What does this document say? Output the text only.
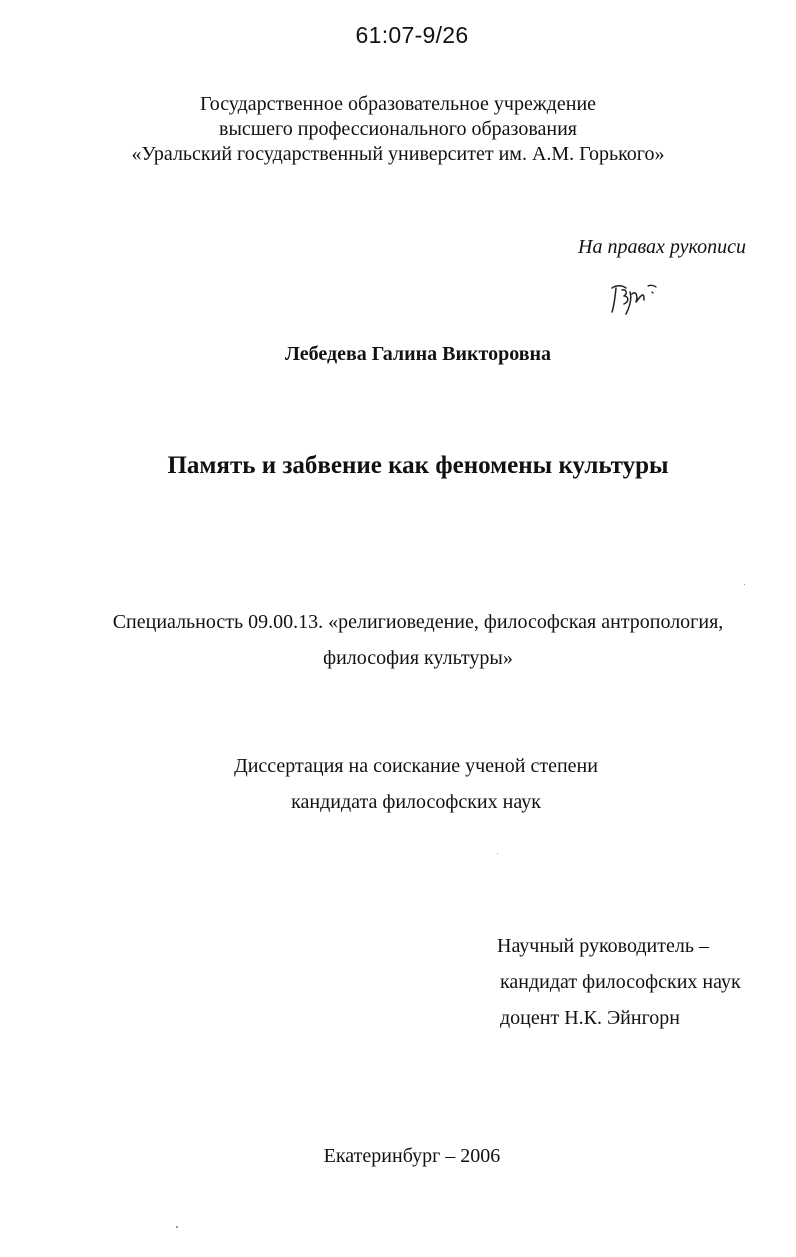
61:07-9/26
Государственное образовательное учреждение
высшего профессионального образования
«Уральский государственный университет им. А.М. Горького»
На правах рукописи
Лебедева Галина Викторовна
Память и забвение как феномены культуры
Специальность 09.00.13. «религиоведение, философская антропология,
философия культуры»
Диссертация на соискание ученой степени
кандидата философских наук
Научный руководитель –
кандидат философских наук
доцент Н.К. Эйнгорн
Екатеринбург – 2006
